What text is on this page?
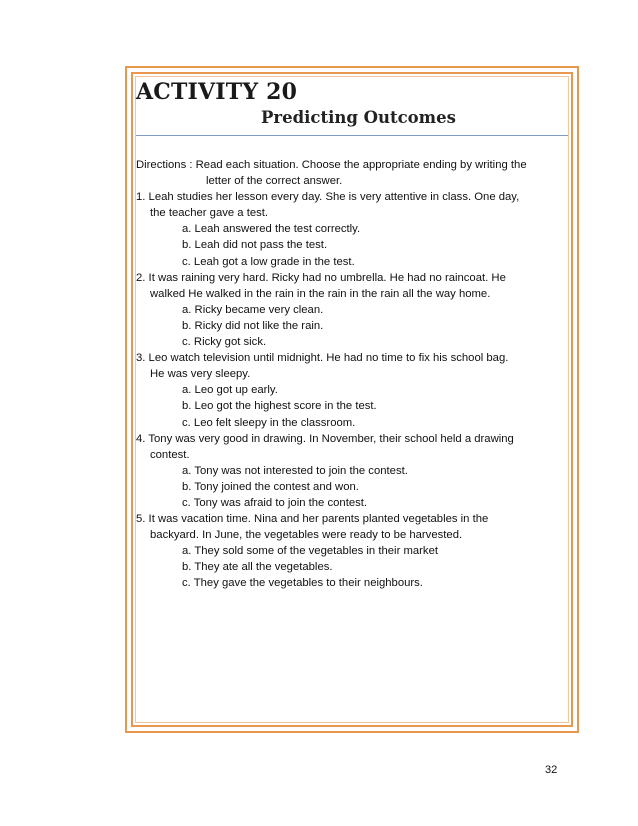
ACTIVITY 20
Predicting Outcomes
Directions : Read each situation. Choose the appropriate ending by writing the
letter of the correct answer.
1. Leah studies her lesson every day. She is very attentive in class. One day,
the teacher gave a test.
a. Leah answered the test correctly.
b. Leah did not pass the test.
c. Leah got a low grade in the test.
2. It was raining very hard. Ricky had no umbrella. He had no raincoat. He
walked He walked in the rain in the rain in the rain all the way home.
a. Ricky became very clean.
b. Ricky did not like the rain.
c. Ricky got sick.
3. Leo watch television until midnight. He had no time to fix his school bag.
He was very sleepy.
a. Leo got up early.
b. Leo got the highest score in the test.
c. Leo felt sleepy in the classroom.
4. Tony was very good in drawing. In November, their school held a drawing
contest.
a. Tony was not interested to join the contest.
b. Tony joined the contest and won.
c. Tony was afraid to join the contest.
5. It was vacation time. Nina and her parents planted vegetables in the
backyard. In June, the vegetables were ready to be harvested.
a. They sold some of the vegetables in their market
b. They ate all the vegetables.
c. They gave the vegetables to their neighbours.
32
